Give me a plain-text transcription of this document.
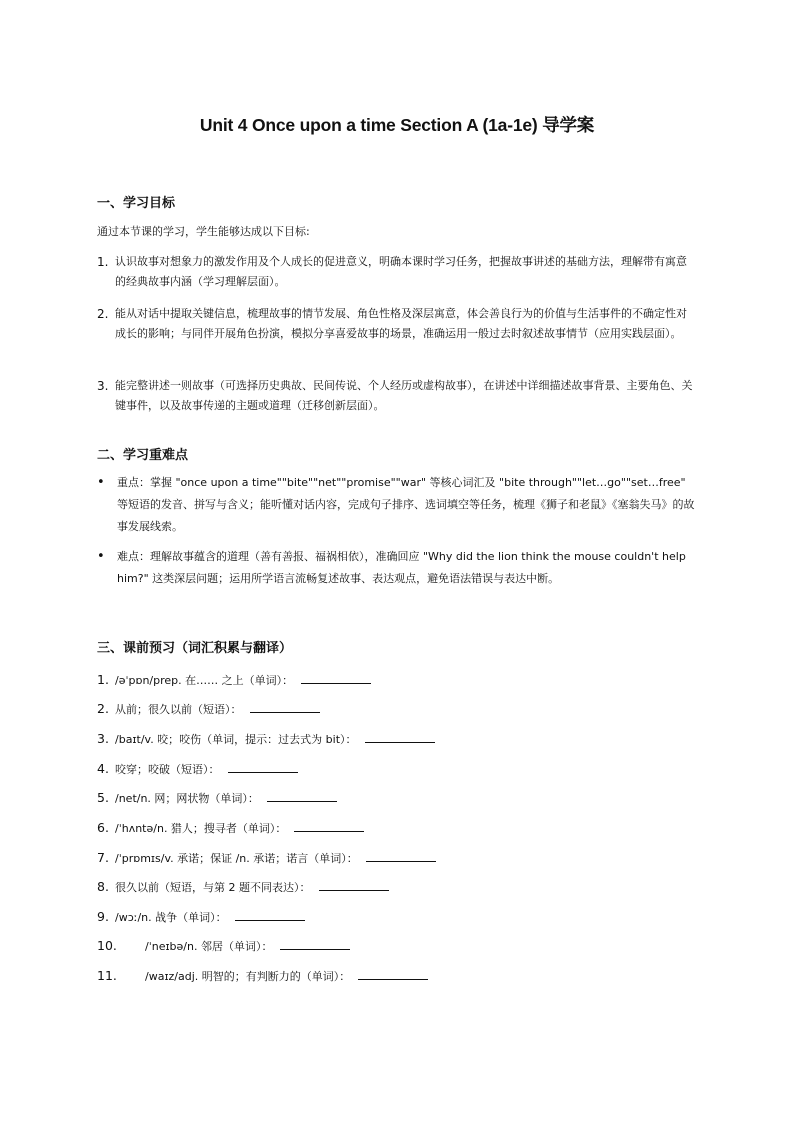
Unit 4 Once upon a time Section A (1a-1e) 导学案
一、学习目标
通过本节课的学习，学生能够达成以下目标:
1. 认识故事对想象力的激发作用及个人成长的促进意义，明确本课时学习任务，把握故事讲述的基础方法，理解带有寓意的经典故事内涵（学习理解层面）。
2. 能从对话中提取关键信息，梳理故事的情节发展、角色性格及深层寓意，体会善良行为的价值与生活事件的不确定性对成长的影响；与同伴开展角色扮演，模拟分享喜爱故事的场景，准确运用一般过去时叙述故事情节（应用实践层面）。
3. 能完整讲述一则故事（可选择历史典故、民间传说、个人经历或虚构故事），在讲述中详细描述故事背景、主要角色、关键事件，以及故事传递的主题或道理（迁移创新层面）。
二、学习重难点
• 重点：掌握 "once upon a time""bite""net""promise""war" 等核心词汇及 "bite through""let…go""set…free" 等短语的发音、拼写与含义；能听懂对话内容，完成句子排序、选词填空等任务，梳理《狮子和老鼠》《塞翁失马》的故事发展线索。
• 难点：理解故事蕴含的道理（善有善报、福祸相依），准确回应 "Why did the lion think the mouse couldn't help him?" 这类深层问题；运用所学语言流畅复述故事、表达观点，避免语法错误与表达中断。
三、课前预习（词汇积累与翻译）
1. /əˈpɒn/prep. 在…… 之上（单词）：
2. 从前；很久以前（短语）：
3. /baɪt/v. 咬；咬伤（单词，提示：过去式为 bit）：
4. 咬穿；咬破（短语）：
5. /net/n. 网；网状物（单词）：
6. /ˈhʌntə/n. 猎人；搜寻者（单词）：
7. /ˈprɒmɪs/v. 承诺；保证 /n. 承诺；诺言（单词）：
8. 很久以前（短语，与第 2 题不同表达）：
9. /wɔː/n. 战争（单词）：
10.	/ˈneɪbə/n. 邻居（单词）：
11.	/waɪz/adj. 明智的；有判断力的（单词）：
